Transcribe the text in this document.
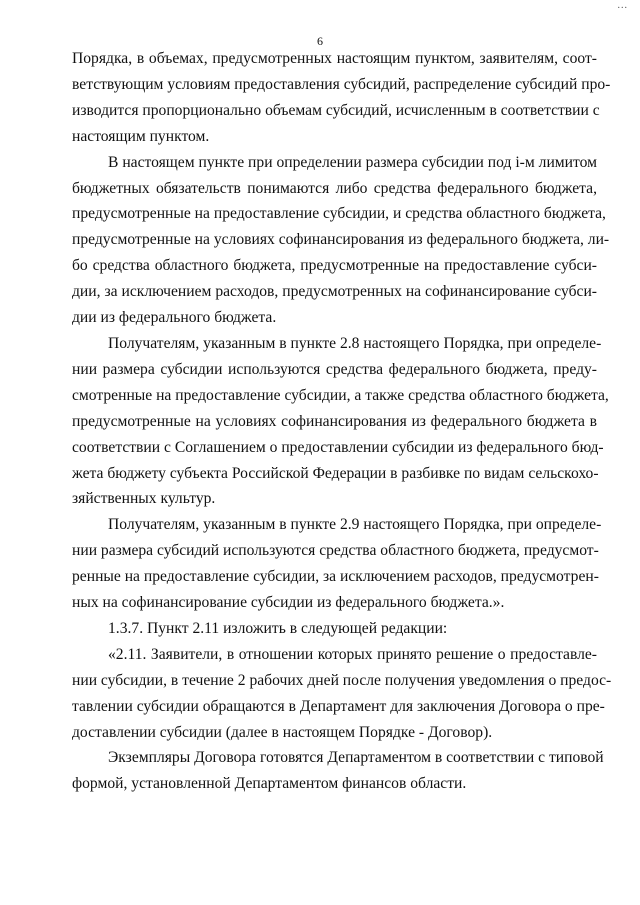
...
6
Порядка, в объемах, предусмотренных настоящим пунктом, заявителям, соот-
ветствующим условиям предоставления субсидий, распределение субсидий про-
изводится пропорционально объемам субсидий, исчисленным в соответствии с
настоящим пунктом.
В настоящем пункте при определении размера субсидии под i-м лимитом
бюджетных обязательств понимаются либо средства федерального бюджета,
предусмотренные на предоставление субсидии, и средства областного бюджета,
предусмотренные на условиях софинансирования из федерального бюджета, ли-
бо средства областного бюджета, предусмотренные на предоставление субси-
дии, за исключением расходов, предусмотренных на софинансирование субси-
дии из федерального бюджета.
Получателям, указанным в пункте 2.8 настоящего Порядка, при определе-
нии размера субсидии используются средства федерального бюджета, преду-
смотренные на предоставление субсидии, а также средства областного бюджета,
предусмотренные на условиях софинансирования из федерального бюджета в
соответствии с Соглашением о предоставлении субсидии из федерального бюд-
жета бюджету субъекта Российской Федерации в разбивке по видам сельскохо-
зяйственных культур.
Получателям, указанным в пункте 2.9 настоящего Порядка, при определе-
нии размера субсидий используются средства областного бюджета, предусмот-
ренные на предоставление субсидии, за исключением расходов, предусмотрен-
ных на софинансирование субсидии из федерального бюджета.».
1.3.7. Пункт 2.11 изложить в следующей редакции:
«2.11. Заявители, в отношении которых принято решение о предоставле-
нии субсидии, в течение 2 рабочих дней после получения уведомления о предос-
тавлении субсидии обращаются в Департамент для заключения Договора о пре-
доставлении субсидии (далее в настоящем Порядке - Договор).
Экземпляры Договора готовятся Департаментом в соответствии с типовой
формой, установленной Департаментом финансов области.
